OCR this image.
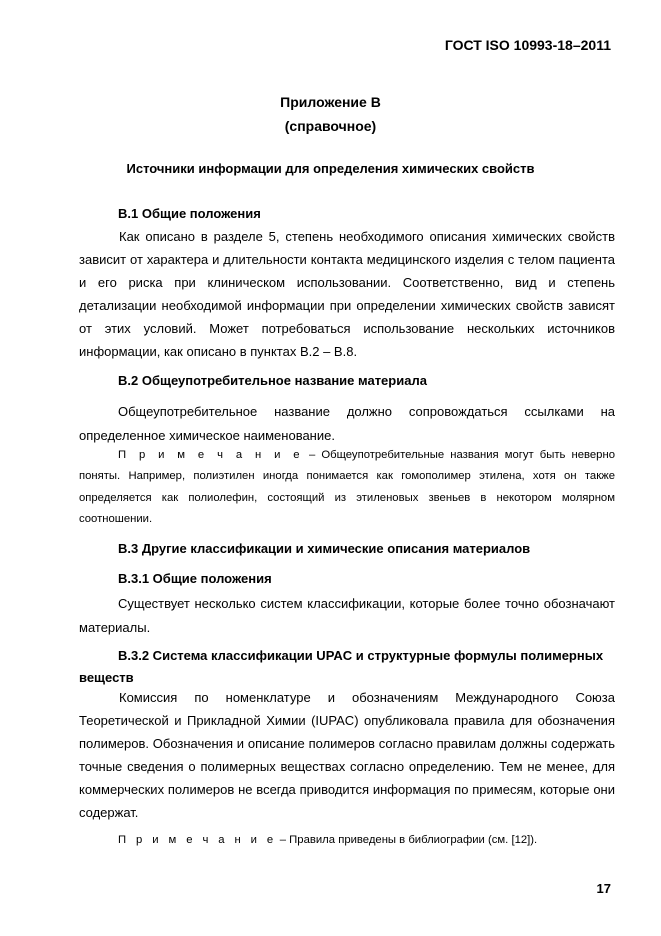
ГОСТ ISO 10993-18–2011
Приложение В
(справочное)
Источники информации для определения химических свойств
В.1 Общие положения

Как описано в разделе 5, степень необходимого описания химических свойств зависит от характера и длительности контакта медицинского изделия с телом пациента и его риска при клиническом использовании. Соответственно, вид и степень детализации необходимой информации при определении химических свойств зависят от этих условий. Может потребоваться использование нескольких источников информации, как описано в пунктах В.2 – В.8.

В.2 Общеупотребительное название материала

Общеупотребительное название должно сопровождаться ссылками на определенное химическое наименование.

П р и м е ч а н и е – Общеупотребительные названия могут быть неверно поняты. Например, полиэтилен иногда понимается как гомополимер этилена, хотя он также определяется как полиолефин, состоящий из этиленовых звеньев в некотором молярном соотношении.

В.3 Другие классификации и химические описания материалов
В.3.1 Общие положения

Существует несколько систем классификации, которые более точно обозначают материалы.

В.3.2 Система классификации UPAC и структурные формулы полимерных веществ

Комиссия по номенклатуре и обозначениям Международного Союза Теоретической и Прикладной Химии (IUPAC) опубликовала правила для обозначения полимеров. Обозначения и описание полимеров согласно правилам должны содержать точные сведения о полимерных веществах согласно определению. Тем не менее, для коммерческих полимеров не всегда приводится информация по примесям, которые они содержат.

П р и м е ч а н и е – Правила приведены в библиографии (см. [12]).

17
